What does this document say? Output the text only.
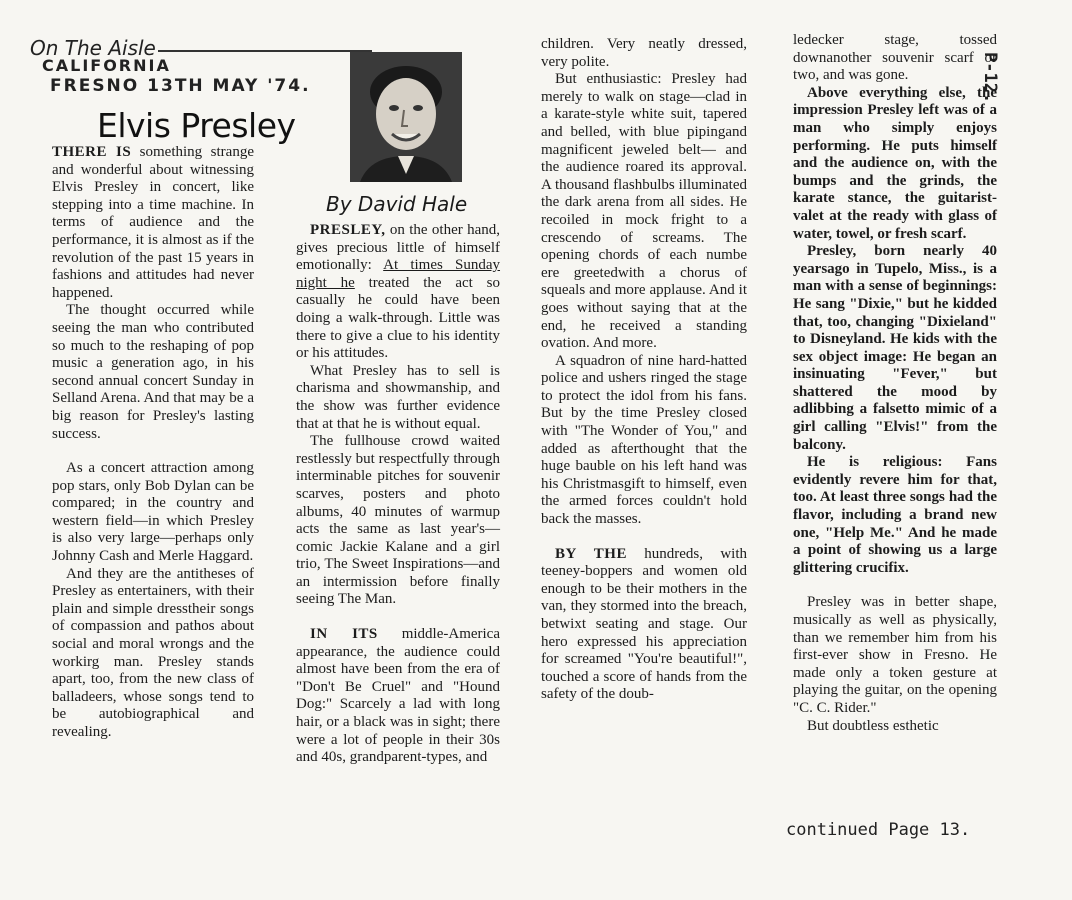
On The Aisle
CALIFORNIA
FRESNO 13TH MAY '74.
Elvis Presley
By David Hale
P-12.

THERE IS something strange and wonderful about witnessing Elvis Presley in concert, like stepping into a time machine. In terms of audience and the performance, it is almost as if the revolution of the past 15 years in fashions and attitudes had never happened.

The thought occurred while seeing the man who contributed so much to the reshaping of pop music a generation ago, in his second annual concert Sunday in Selland Arena. And that may be a big reason for Presley's lasting success.

As a concert attraction among pop stars, only Bob Dylan can be compared; in the country and western field—in which Presley is also very large—perhaps only Johnny Cash and Merle Haggard.

And they are the antitheses of Presley as entertainers, with their plain and simple dresstheir songs of compassion and pathos about social and moral wrongs and the workirg man. Presley stands apart, too, from the new class of balladeers, whose songs tend to be autobiographical and revealing.

PRESLEY, on the other hand, gives precious little of himself emotionally: At times Sunday night he treated the act so casually he could have been doing a walk-through. Little was there to give a clue to his identity or his attitudes.

What Presley has to sell is charisma and showmanship, and the show was further evidence that at that he is without equal.

The fullhouse crowd waited restlessly but respectfully through interminable pitches for souvenir scarves, posters and photo albums, 40 minutes of warmup acts the same as last year's—comic Jackie Kalane and a girl trio, The Sweet Inspirations—and an intermission before finally seeing The Man.

IN ITS middle-America appearance, the audience could almost have been from the era of "Don't Be Cruel" and "Hound Dog:" Scarcely a lad with long hair, or a black was in sight; there were a lot of people in their 30s and 40s, grandparent-types, and

children. Very neatly dressed, very polite.

But enthusiastic: Presley had merely to walk on stage—clad in a karate-style white suit, tapered and belled, with blue pipingand magnificent jeweled belt— and the audience roared its approval. A thousand flashbulbs illuminated the dark arena from all sides. He recoiled in mock fright to a crescendo of screams. The opening chords of each numbe ere greetedwith a chorus of squeals and more applause. And it goes without saying that at the end, he received a standing ovation. And more.

A squadron of nine hard-hatted police and ushers ringed the stage to protect the idol from his fans. But by the time Presley closed with "The Wonder of You," and added as afterthought that the huge bauble on his left hand was his Christmasgift to himself, even the armed forces couldn't hold back the masses.

BY THE hundreds, with teeney-boppers and women old enough to be their mothers in the van, they stormed into the breach, betwixt seating and stage. Our hero expressed his appreciation for screamed "You're beautiful!", touched a score of hands from the safety of the doub-

ledecker stage, tossed downanother souvenir scarf or two, and was gone.

Above everything else, the impression Presley left was of a man who simply enjoys performing. He puts himself and the audience on, with the bumps and the grinds, the karate stance, the guitarist-valet at the ready with glass of water, towel, or fresh scarf.

Presley, born nearly 40 yearsago in Tupelo, Miss., is a man with a sense of beginnings: He sang "Dixie," but he kidded that, too, changing "Dixieland" to Disneyland. He kids with the sex object image: He began an insinuating "Fever," but shattered the mood by adlibbing a falsetto mimic of a girl calling "Elvis!" from the balcony.

He is religious: Fans evidently revere him for that, too. At least three songs had the flavor, including a brand new one, "Help Me." And he made a point of showing us a large glittering crucifix.

Presley was in better shape, musically as well as physically, than we remember him from his first-ever show in Fresno. He made only a token gesture at playing the guitar, on the opening "C. C. Rider."

But doubtless esthetic

continued Page 13.
